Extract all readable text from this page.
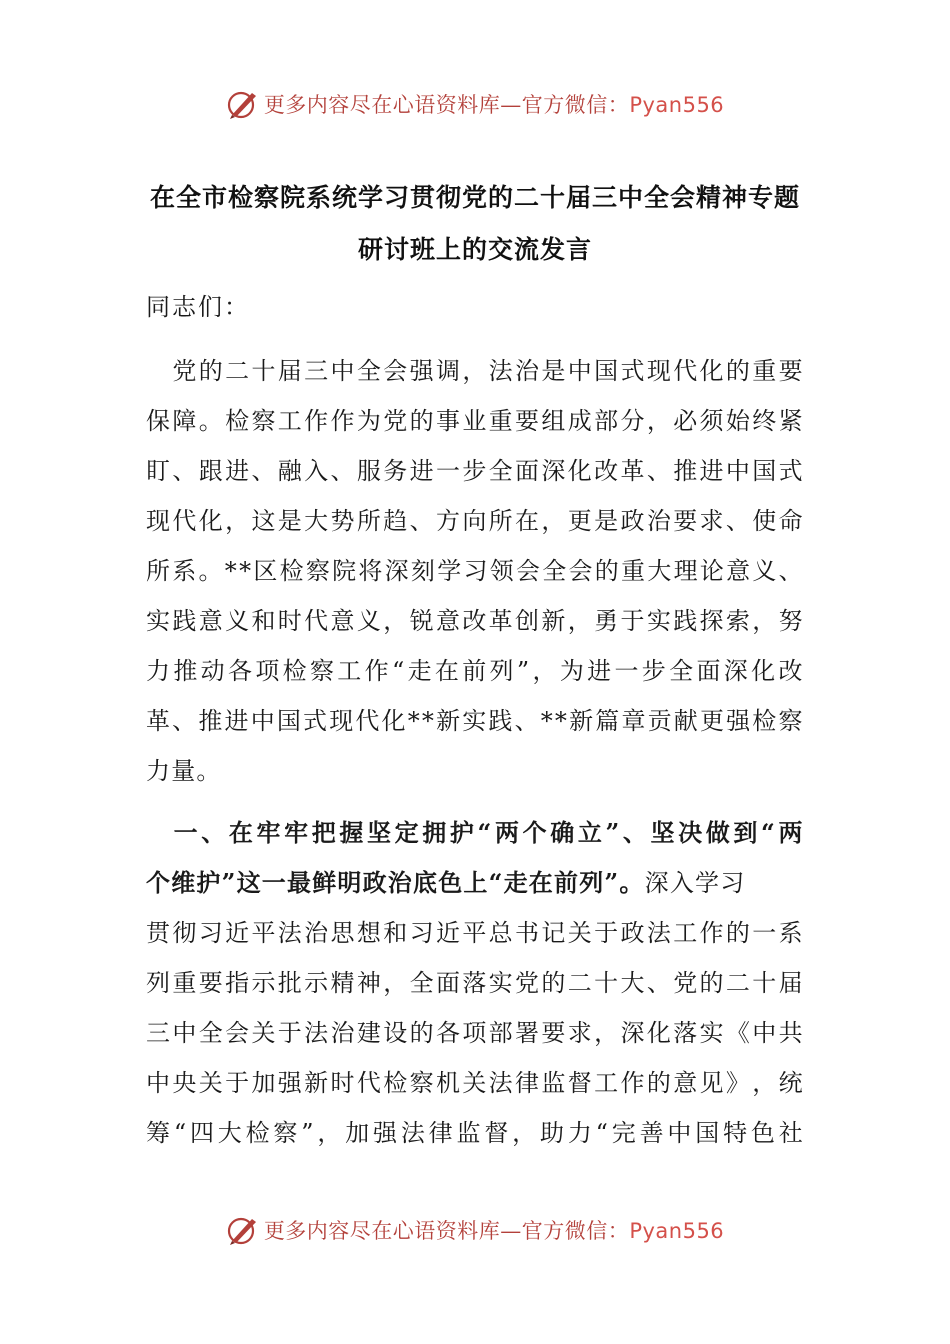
更多内容尽在心语资料库—官方微信：Pyan556
在全市检察院系统学习贯彻党的二十届三中全会精神专题
研讨班上的交流发言
同志们：

党 的 二 十 届 三 中 全 会 强 调 ， 法 治 是 中 国 式 现 代 化 的 重 要
保 障 。 检 察 工 作 作 为 党 的 事 业 重 要 组 成 部 分 ， 必 须 始 终 紧
盯 、 跟 进 、 融 入 、 服 务 进 一 步 全 面 深 化 改 革 、 推 进 中 国 式
现 代 化 ， 这 是 大 势 所 趋 、 方 向 所 在 ， 更 是 政 治 要 求 、 使 命
所 系 。 * * 区 检 察 院 将 深 刻 学 习 领 会 全 会 的 重 大 理 论 意 义 、
实 践 意 义 和 时 代 意 义 ， 锐 意 改 革 创 新 ， 勇 于 实 践 探 索 ， 努
力 推 动 各 项 检 察 工 作 “ 走 在 前 列 ” ， 为 进 一 步 全 面 深 化 改
革 、 推 进 中 国 式 现 代 化 * * 新 实 践 、 * * 新 篇 章 贡 献 更 强 检 察
力量。

一 、 在 牢 牢 把 握 坚 定 拥 护 “ 两 个 确 立 ” 、 坚 决 做 到 “ 两
个维护”这一最鲜明政治底色上“走在前列”。 深入学习
贯 彻 习 近 平 法 治 思 想 和 习 近 平 总 书 记 关 于 政 法 工 作 的 一 系
列 重 要 指 示 批 示 精 神 ， 全 面 落 实 党 的 二 十 大 、 党 的 二 十 届
三 中 全 会 关 于 法 治 建 设 的 各 项 部 署 要 求 ， 深 化 落 实 《 中 共
中 央 关 于 加 强 新 时 代 检 察 机 关 法 律 监 督 工 作 的 意 见 》 ， 统
筹 “ 四 大 检 察 ” ， 加 强 法 律 监 督 ， 助 力 “ 完 善 中 国 特 色 社
更多内容尽在心语资料库—官方微信：Pyan556
